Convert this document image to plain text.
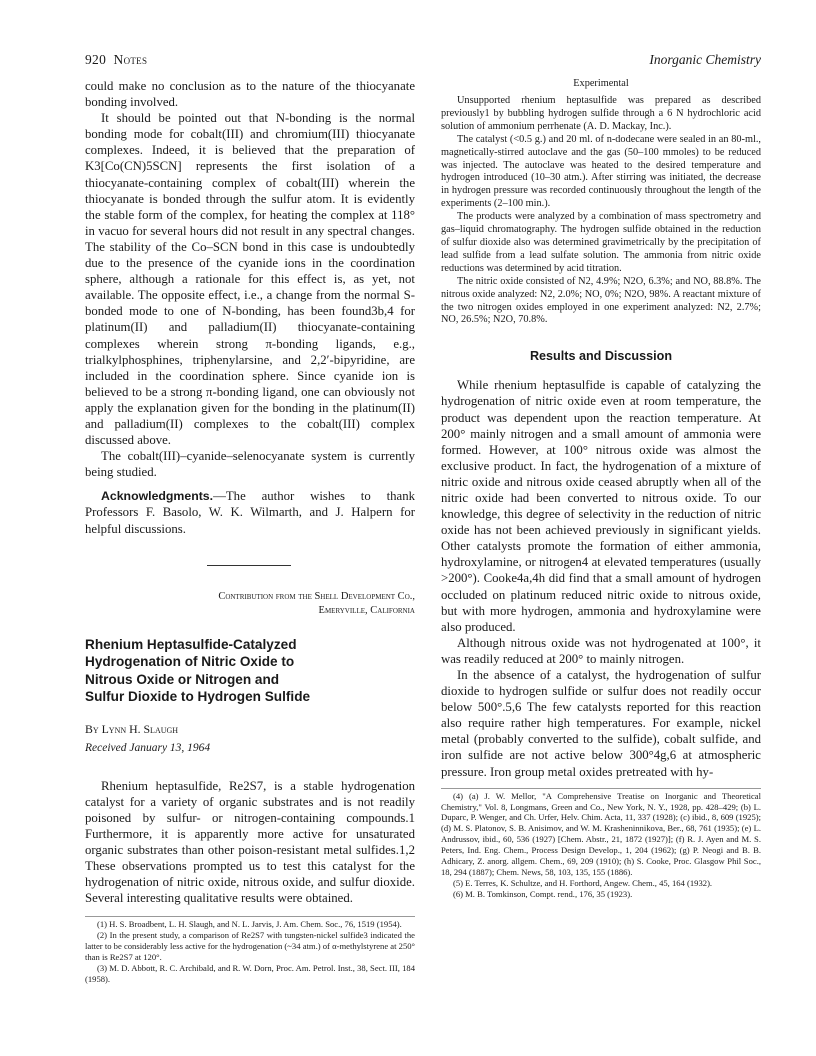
920 Notes	Inorganic Chemistry

could make no conclusion as to the nature of the thiocyanate bonding involved.

It should be pointed out that N-bonding is the normal bonding mode for cobalt(III) and chromium(III) thiocyanate complexes. Indeed, it is believed that the preparation of K3[Co(CN)5SCN] represents the first isolation of a thiocyanate-containing complex of cobalt(III) wherein the thiocyanate is bonded through the sulfur atom. It is evidently the stable form of the complex, for heating the complex at 118° in vacuo for several hours did not result in any spectral changes. The stability of the Co–SCN bond in this case is undoubtedly due to the presence of the cyanide ions in the coordination sphere, although a rationale for this effect is, as yet, not available. The opposite effect, i.e., a change from the normal S-bonded mode to one of N-bonding, has been found3b,4 for platinum(II) and palladium(II) thiocyanate-containing complexes wherein strong π-bonding ligands, e.g., trialkylphosphines, triphenylarsine, and 2,2′-bipyridine, are included in the coordination sphere. Since cyanide ion is believed to be a strong π-bonding ligand, one can obviously not apply the explanation given for the bonding in the platinum(II) and palladium(II) complexes to the cobalt(III) complex discussed above.

The cobalt(III)–cyanide–selenocyanate system is currently being studied.

Acknowledgments.—The author wishes to thank Professors F. Basolo, W. K. Wilmarth, and J. Halpern for helpful discussions.

Contribution from the Shell Development Co.,
Emeryville, California
Rhenium Heptasulfide-Catalyzed
Hydrogenation of Nitric Oxide to
Nitrous Oxide or Nitrogen and
Sulfur Dioxide to Hydrogen Sulfide

By Lynn H. Slaugh

Received January 13, 1964

Rhenium heptasulfide, Re2S7, is a stable hydrogenation catalyst for a variety of organic substrates and is not readily poisoned by sulfur- or nitrogen-containing compounds.1 Furthermore, it is apparently more active for unsaturated organic substrates than other poison-resistant metal sulfides.1,2 These observations prompted us to test this catalyst for the hydrogenation of nitric oxide, nitrous oxide, and sulfur dioxide. Several interesting qualitative results were obtained.

(1) H. S. Broadbent, L. H. Slaugh, and N. L. Jarvis, J. Am. Chem. Soc., 76, 1519 (1954).

(2) In the present study, a comparison of Re2S7 with tungsten-nickel sulfide3 indicated the latter to be considerably less active for the hydrogenation (~34 atm.) of α-methylstyrene at 250° than is Re2S7 at 120°.

(3) M. D. Abbott, R. C. Archibald, and R. W. Dorn, Proc. Am. Petrol. Inst., 38, Sect. III, 184 (1958).

Experimental

Unsupported rhenium heptasulfide was prepared as described previously1 by bubbling hydrogen sulfide through a 6 N hydrochloric acid solution of ammonium perrhenate (A. D. Mackay, Inc.).

The catalyst (<0.5 g.) and 20 ml. of n-dodecane were sealed in an 80-ml., magnetically-stirred autoclave and the gas (50–100 mmoles) to be reduced was injected. The autoclave was heated to the desired temperature and hydrogen introduced (10–30 atm.). After stirring was initiated, the decrease in hydrogen pressure was recorded continuously throughout the length of the experiments (2–100 min.).

The products were analyzed by a combination of mass spectrometry and gas–liquid chromatography. The hydrogen sulfide obtained in the reduction of sulfur dioxide also was determined gravimetrically by the precipitation of lead sulfide from a lead sulfate solution. The ammonia from nitric oxide reductions was determined by acid titration.

The nitric oxide consisted of N2, 4.9%; N2O, 6.3%; and NO, 88.8%. The nitrous oxide analyzed: N2, 2.0%; NO, 0%; N2O, 98%. A reactant mixture of the two nitrogen oxides employed in one experiment analyzed: N2, 2.7%; NO, 26.5%; N2O, 70.8%.

Results and Discussion

While rhenium heptasulfide is capable of catalyzing the hydrogenation of nitric oxide even at room temperature, the product was dependent upon the reaction temperature. At 200° mainly nitrogen and a small amount of ammonia were formed. However, at 100° nitrous oxide was almost the exclusive product. In fact, the hydrogenation of a mixture of nitric oxide and nitrous oxide ceased abruptly when all of the nitric oxide had been converted to nitrous oxide. To our knowledge, this degree of selectivity in the reduction of nitric oxide has not been achieved previously in significant yields. Other catalysts promote the formation of either ammonia, hydroxylamine, or nitrogen4 at elevated temperatures (usually >200°). Cooke4a,4h did find that a small amount of hydrogen occluded on platinum reduced nitric oxide to nitrous oxide, but with more hydrogen, ammonia and hydroxylamine were also produced.

Although nitrous oxide was not hydrogenated at 100°, it was readily reduced at 200° to mainly nitrogen.

In the absence of a catalyst, the hydrogenation of sulfur dioxide to hydrogen sulfide or sulfur does not readily occur below 500°.5,6 The few catalysts reported for this reaction also require rather high temperatures. For example, nickel metal (probably converted to the sulfide), cobalt sulfide, and iron sulfide are not active below 300°4g,6 at atmospheric pressure. Iron group metal oxides pretreated with hy-

(4) (a) J. W. Mellor, "A Comprehensive Treatise on Inorganic and Theoretical Chemistry," Vol. 8, Longmans, Green and Co., New York, N. Y., 1928, pp. 428–429; (b) L. Duparc, P. Wenger, and Ch. Urfer, Helv. Chim. Acta, 11, 337 (1928); (c) ibid., 8, 609 (1925); (d) M. S. Platonov, S. B. Anisimov, and W. M. Krasheninnikova, Ber., 68, 761 (1935); (e) L. Andrussov, ibid., 60, 536 (1927) [Chem. Abstr., 21, 1872 (1927)]; (f) R. J. Ayen and M. S. Peters, Ind. Eng. Chem., Process Design Develop., 1, 204 (1962); (g) P. Neogi and B. B. Adhicary, Z. anorg. allgem. Chem., 69, 209 (1910); (h) S. Cooke, Proc. Glasgow Phil Soc., 18, 294 (1887); Chem. News, 58, 103, 135, 155 (1886).

(5) E. Terres, K. Schultze, and H. Forthord, Angew. Chem., 45, 164 (1932).

(6) M. B. Tomkinson, Compt. rend., 176, 35 (1923).
